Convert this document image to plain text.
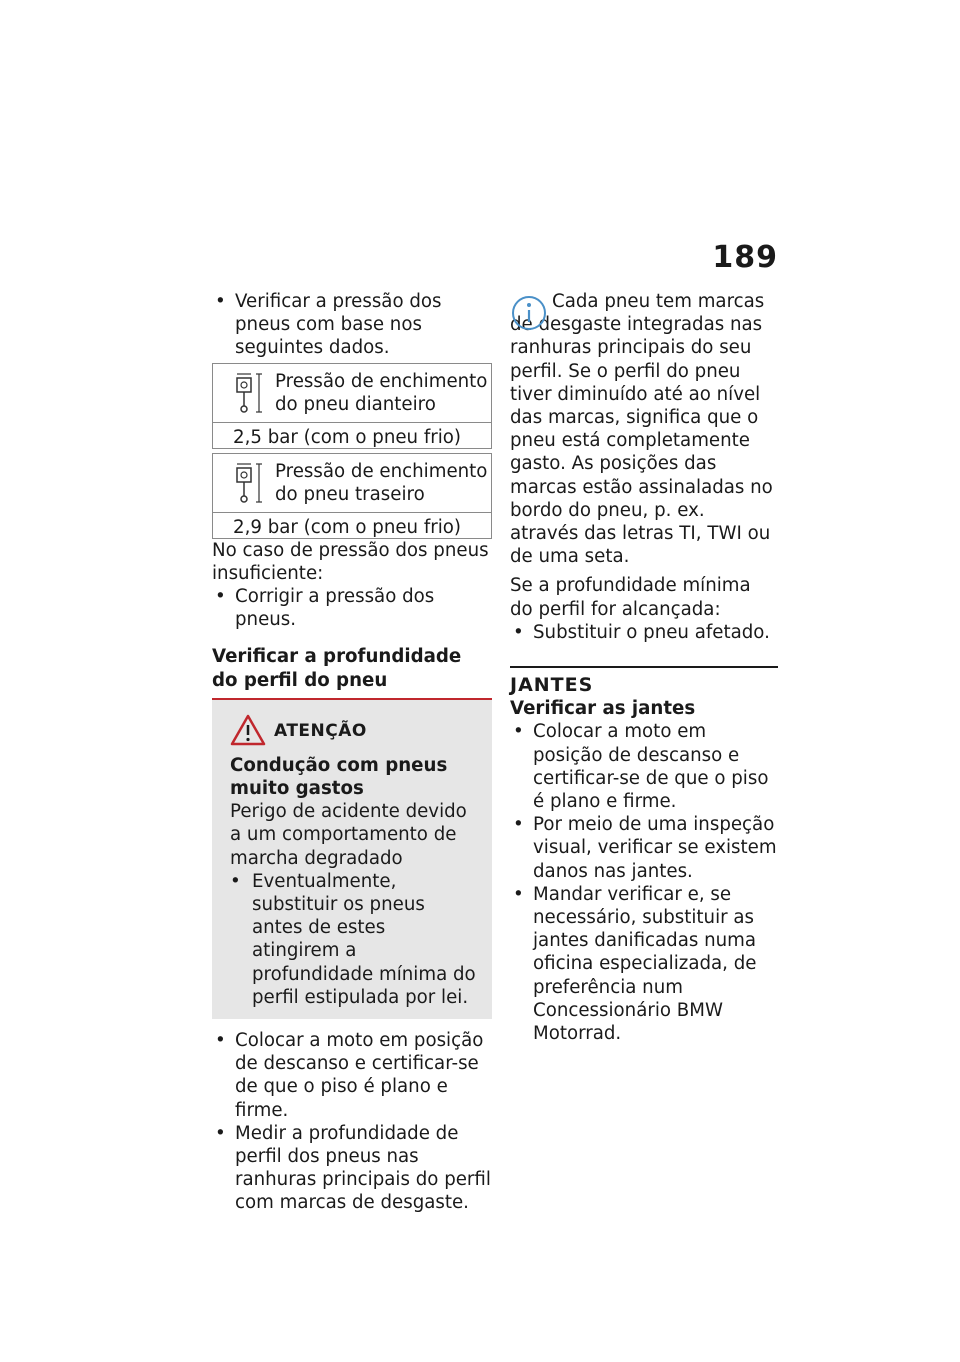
189

• Verificar a pressão dos pneus com base nos seguintes dados.

Pressão de enchimento do pneu dianteiro
2,5 bar (com o pneu frio)
Pressão de enchimento do pneu traseiro
2,9 bar (com o pneu frio)

No caso de pressão dos pneus insuficiente:

• Corrigir a pressão dos pneus.

Verificar a profundidade do perfil do pneu

ATENÇÃO

Condução com pneus muito gastos

Perigo de acidente devido a um comportamento de marcha degradado

• Eventualmente, substituir os pneus antes de estes atingirem a profundidade mínima do perfil estipulada por lei.

• Colocar a moto em posição de descanso e certificar-se de que o piso é plano e firme.

• Medir a profundidade de perfil dos pneus nas ranhuras principais do perfil com marcas de desgaste.

Cada pneu tem marcas de desgaste integradas nas ranhuras principais do seu perfil. Se o perfil do pneu tiver diminuído até ao nível das marcas, significa que o pneu está completamente gasto. As posições das marcas estão assinaladas no bordo do pneu, p. ex. através das letras TI, TWI ou de uma seta.

Se a profundidade mínima do perfil for alcançada:

• Substituir o pneu afetado.

JANTES

Verificar as jantes

• Colocar a moto em posição de descanso e certificar-se de que o piso é plano e firme.

• Por meio de uma inspeção visual, verificar se existem danos nas jantes.

• Mandar verificar e, se necessário, substituir as jantes danificadas numa oficina especializada, de preferência num Concessionário BMW Motorrad.
